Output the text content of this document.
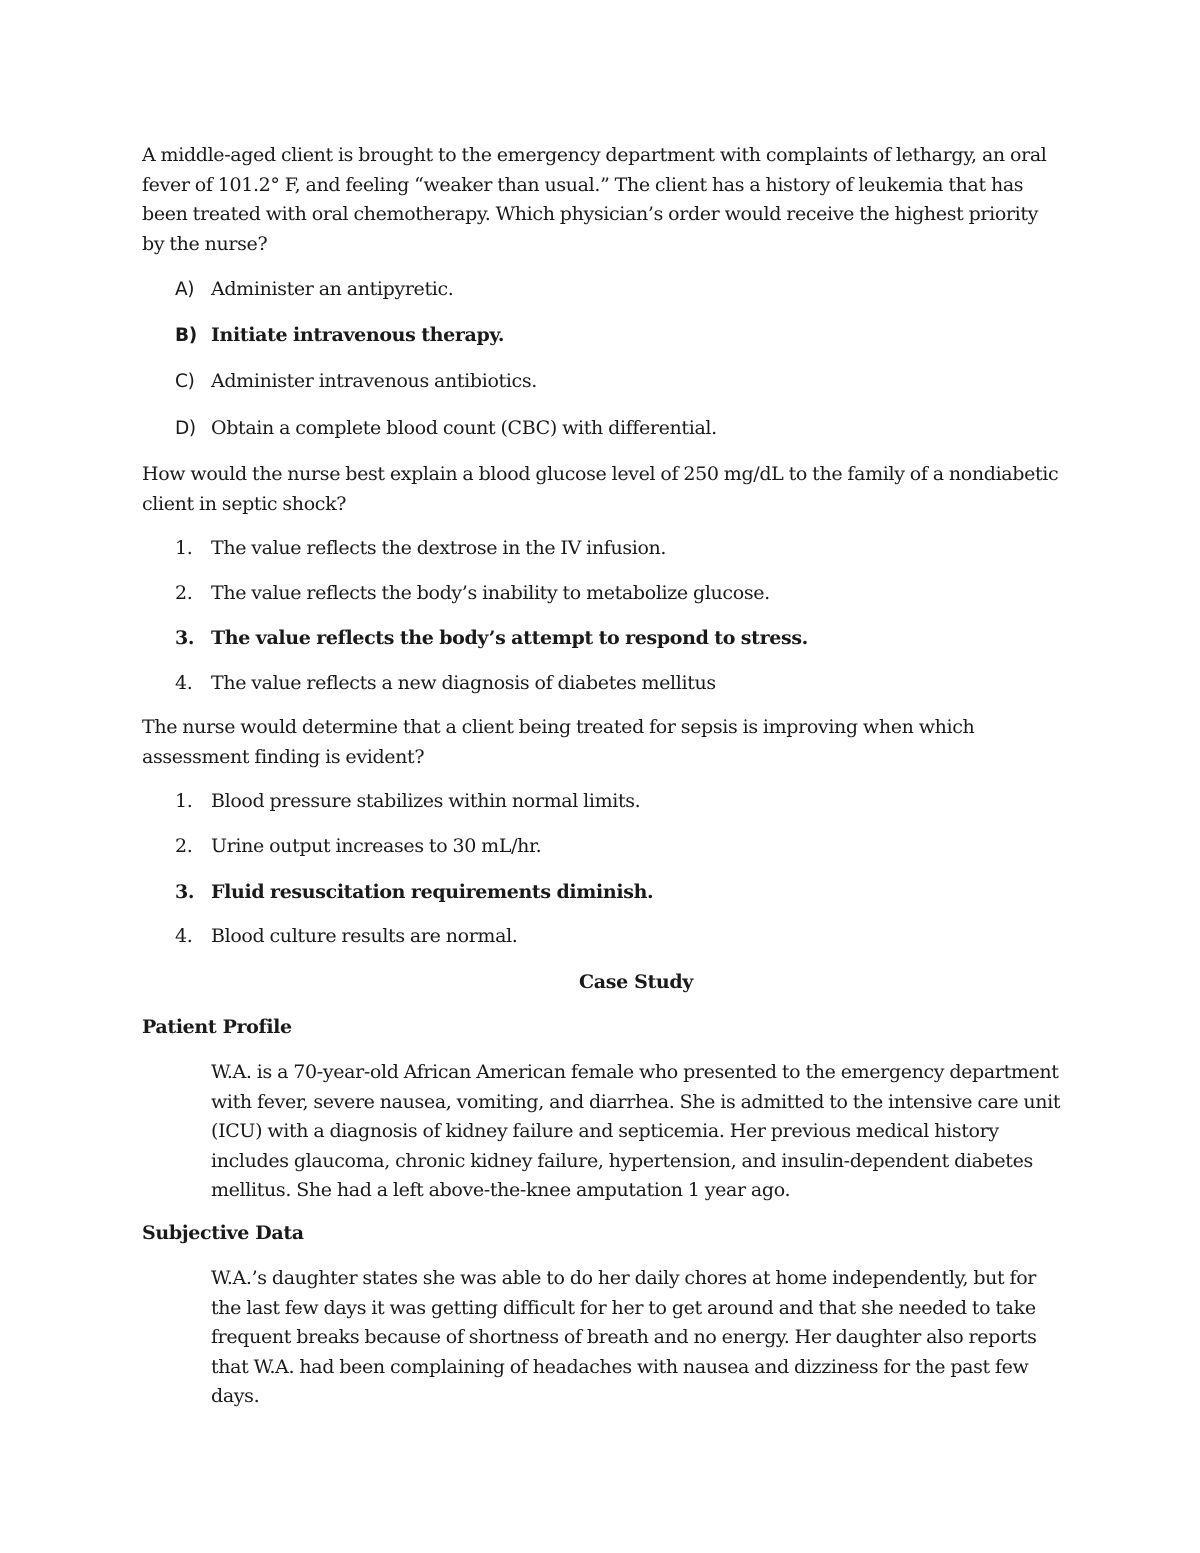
A middle-aged client is brought to the emergency department with complaints of lethargy, an oral fever of 101.2° F, and feeling “weaker than usual.” The client has a history of leukemia that has been treated with oral chemotherapy. Which physician’s order would receive the highest priority by the nurse?

A) Administer an antipyretic.
B) Initiate intravenous therapy.
C) Administer intravenous antibiotics.
D) Obtain a complete blood count (CBC) with differential.

How would the nurse best explain a blood glucose level of 250 mg/dL to the family of a nondiabetic client in septic shock?

1. The value reflects the dextrose in the IV infusion.
2. The value reflects the body’s inability to metabolize glucose.
3. The value reflects the body’s attempt to respond to stress.
4. The value reflects a new diagnosis of diabetes mellitus

The nurse would determine that a client being treated for sepsis is improving when which assessment finding is evident?

1. Blood pressure stabilizes within normal limits.
2. Urine output increases to 30 mL/hr.
3. Fluid resuscitation requirements diminish.
4. Blood culture results are normal.
Case Study
Patient Profile

W.A. is a 70-year-old African American female who presented to the emergency department with fever, severe nausea, vomiting, and diarrhea. She is admitted to the intensive care unit (ICU) with a diagnosis of kidney failure and septicemia. Her previous medical history includes glaucoma, chronic kidney failure, hypertension, and insulin-dependent diabetes mellitus. She had a left above-the-knee amputation 1 year ago.

Subjective Data

W.A.’s daughter states she was able to do her daily chores at home independently, but for the last few days it was getting difficult for her to get around and that she needed to take frequent breaks because of shortness of breath and no energy. Her daughter also reports that W.A. had been complaining of headaches with nausea and dizziness for the past few days.
